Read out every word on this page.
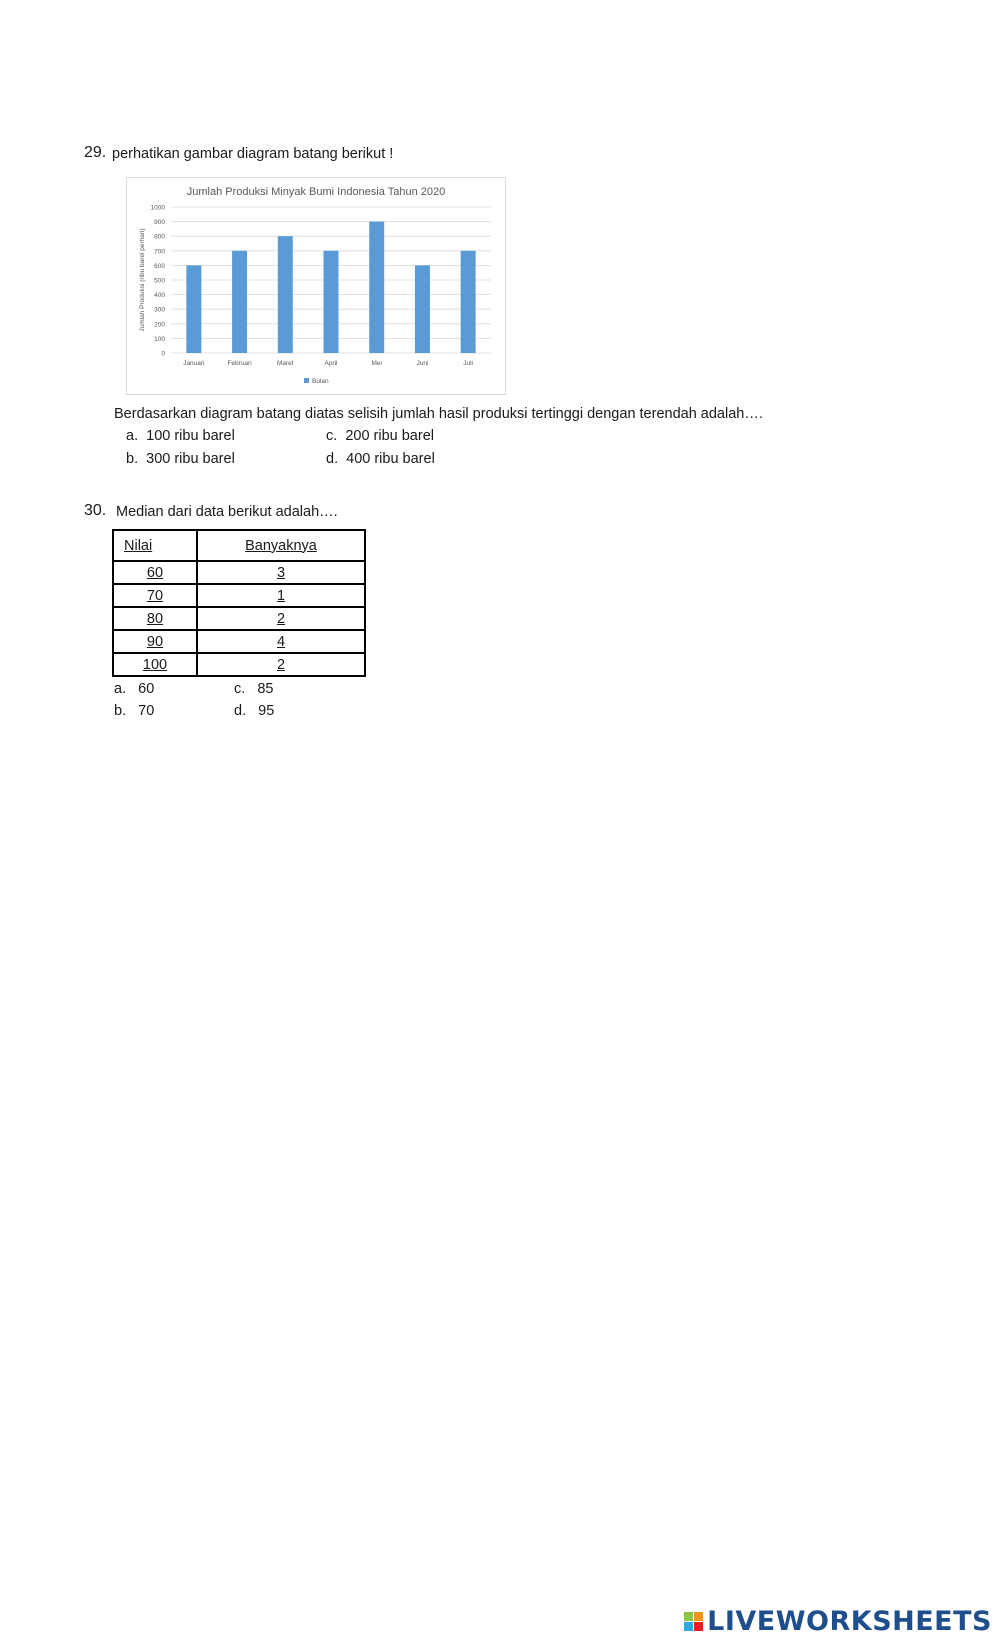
29. perhatikan gambar diagram batang berikut !
Jumlah Produksi Minyak Bumi Indonesia Tahun 2020
0
100
200
300
400
500
600
700
800
900
1000
Jumlah Produksi (ribu barel perhari)
Januari	Februari	Maret	April	Mei	Juni	Juli
Bulan
Berdasarkan diagram batang diatas selisih jumlah hasil produksi tertinggi dengan terendah adalah….
a. 100 ribu barel
b. 300 ribu barel
c. 200 ribu barel
d. 400 ribu barel
30. Median dari data berikut adalah….
Nilai	Banyaknya
60	3
70	1
80	2
90	4
100	2
a. 60
b. 70
c. 85
d. 95
LIVEWORKSHEETS
